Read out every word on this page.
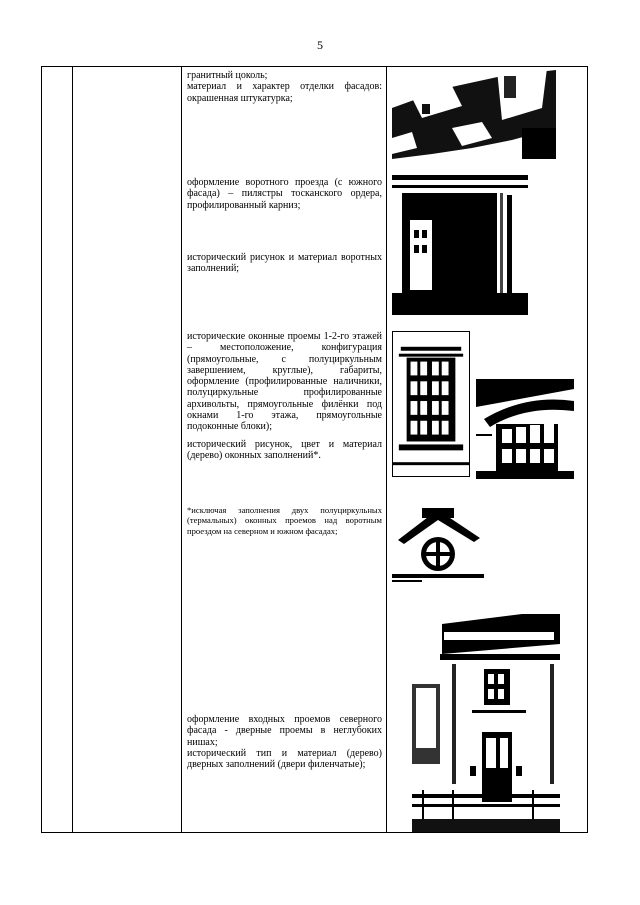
5

гранитный цоколь;

материал и характер отделки фасадов: окрашенная штукатурка;

оформление воротного проезда (с южного фасада) – пилястры тосканского ордера, профилированный карниз;

исторический рисунок и материал воротных заполнений;

исторические оконные проемы 1-2-го этажей – местоположение, конфигурация (прямоугольные, с полуциркульным завершением, круглые), габариты, оформление (профилированные наличники, полуциркульные профилированные архивольты, прямоугольные филёнки под окнами 1-го этажа, прямоугольные подоконные блоки);

исторический рисунок, цвет и материал (дерево) оконных заполнений*.

*исключая заполнения двух полуциркульных (термальных) оконных проемов над воротным проездом на северном и южном фасадах;

оформление входных проемов северного фасада - дверные проемы в неглубоких нишах;

исторический тип и материал (дерево) дверных заполнений (двери филенчатые);
